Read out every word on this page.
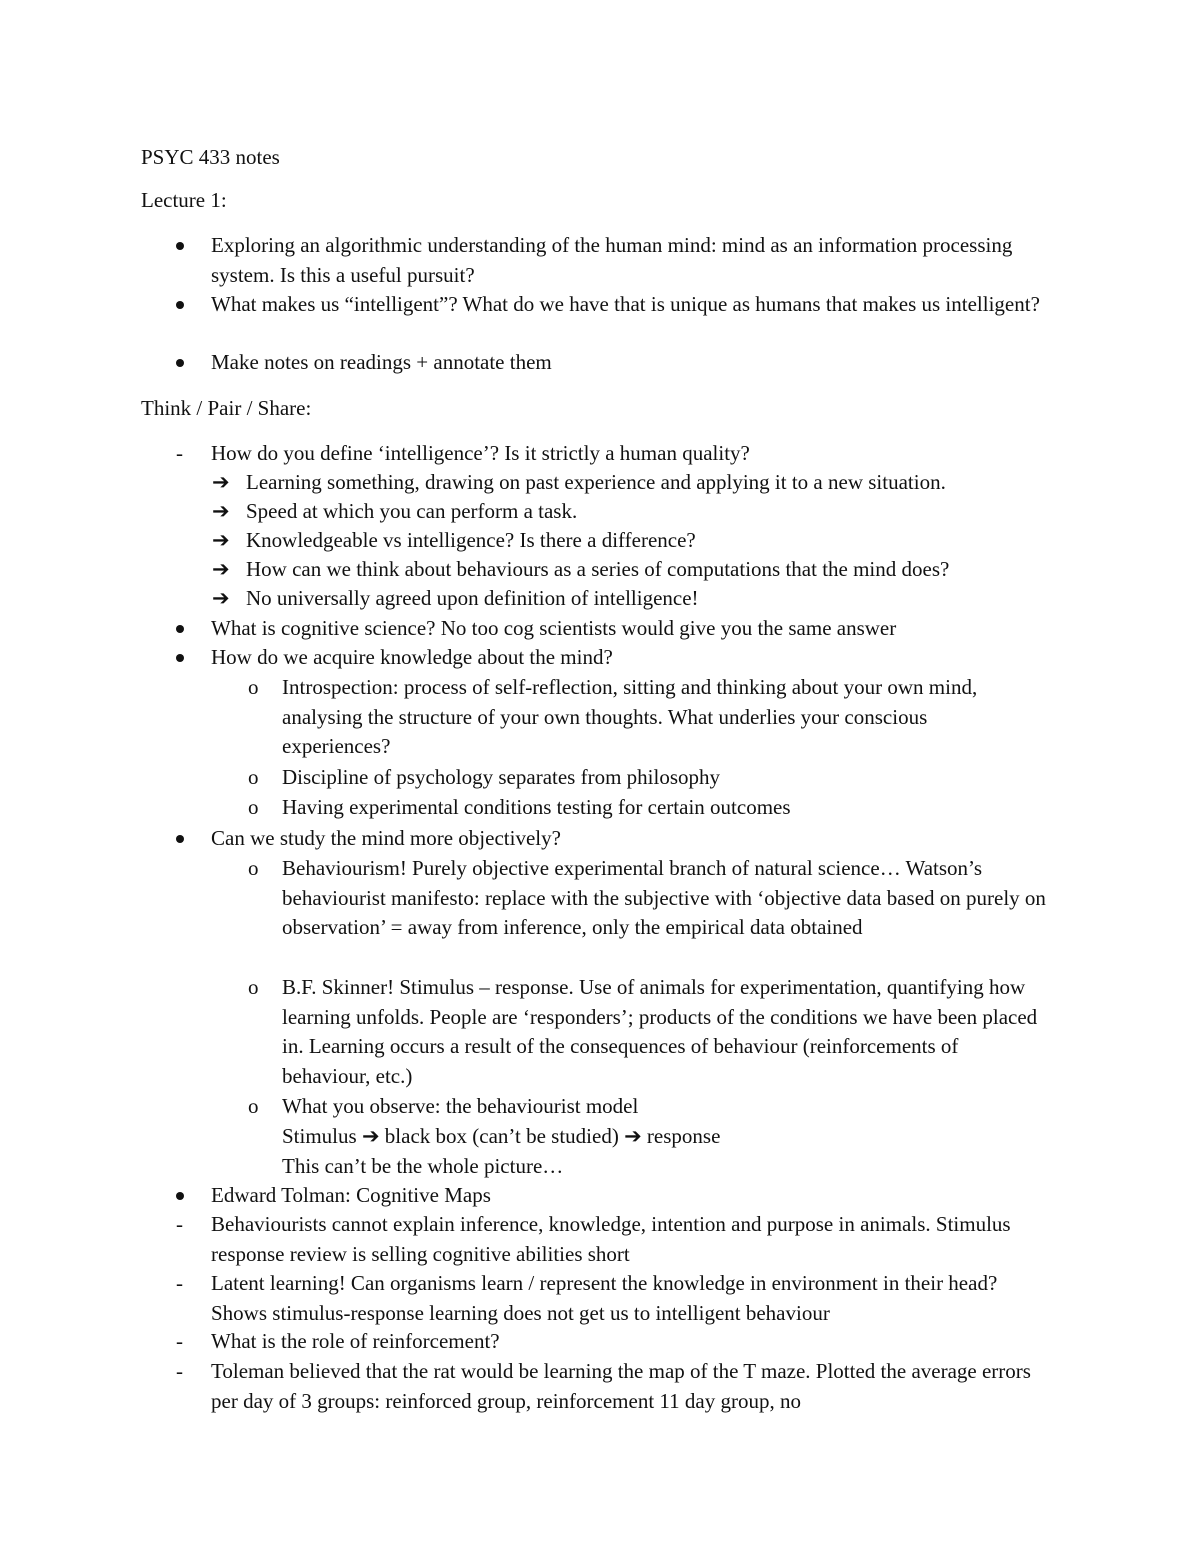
PSYC 433 notes
Lecture 1:
Exploring an algorithmic understanding of the human mind: mind as an information processing system. Is this a useful pursuit?
What makes us “intelligent”? What do we have that is unique as humans that makes us intelligent?
Make notes on readings + annotate them
Think / Pair / Share:
- How do you define ‘intelligence’? Is it strictly a human quality?
➔ Learning something, drawing on past experience and applying it to a new situation.
➔ Speed at which you can perform a task.
➔ Knowledgeable vs intelligence? Is there a difference?
➔ How can we think about behaviours as a series of computations that the mind does?
➔ No universally agreed upon definition of intelligence!
What is cognitive science? No too cog scientists would give you the same answer
How do we acquire knowledge about the mind?
o Introspection: process of self-reflection, sitting and thinking about your own mind, analysing the structure of your own thoughts. What underlies your conscious experiences?
o Discipline of psychology separates from philosophy
o Having experimental conditions testing for certain outcomes
Can we study the mind more objectively?
o Behaviourism! Purely objective experimental branch of natural science… Watson’s behaviourist manifesto: replace with the subjective with ‘objective data based on purely on observation’ = away from inference, only the empirical data obtained
o B.F. Skinner! Stimulus – response. Use of animals for experimentation, quantifying how learning unfolds. People are ‘responders’; products of the conditions we have been placed in. Learning occurs a result of the consequences of behaviour (reinforcements of behaviour, etc.)
o What you observe: the behaviourist model
Stimulus ➔ black box (can’t be studied) ➔ response
This can’t be the whole picture…
Edward Tolman: Cognitive Maps
- Behaviourists cannot explain inference, knowledge, intention and purpose in animals. Stimulus response review is selling cognitive abilities short
- Latent learning! Can organisms learn / represent the knowledge in environment in their head? Shows stimulus-response learning does not get us to intelligent behaviour
- What is the role of reinforcement?
- Toleman believed that the rat would be learning the map of the T maze. Plotted the average errors per day of 3 groups: reinforced group, reinforcement 11 day group, no
